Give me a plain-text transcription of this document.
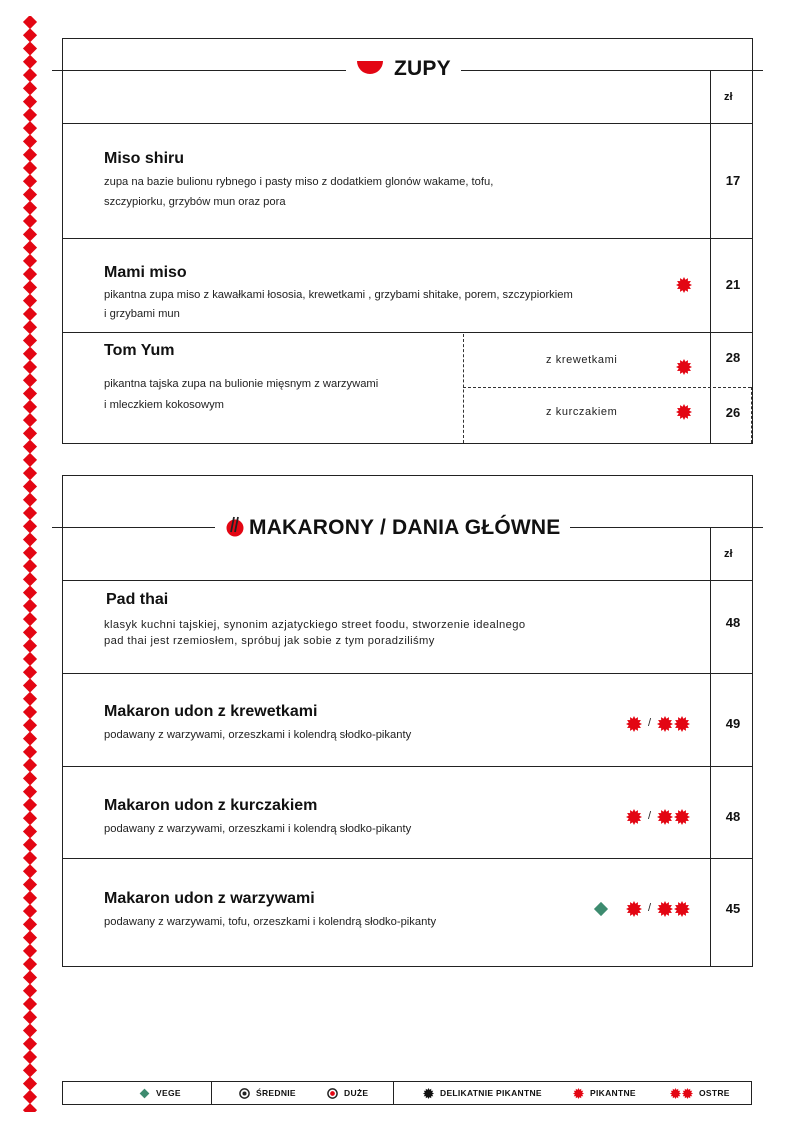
ZUPY
zł
Miso shiru
zupa na bazie bulionu rybnego i pasty miso z dodatkiem glonów wakame, tofu,
szczypiorku, grzybów mun oraz pora
17
Mami miso
pikantna zupa miso z kawałkami łososia, krewetkami , grzybami shitake, porem, szczypiorkiem
i grzybami mun
21
Tom Yum
pikantna tajska zupa na bulionie mięsnym z warzywami
i mleczkiem kokosowym
z krewetkami	28
z kurczakiem	26
MAKARONY / DANIA GŁÓWNE
zł
Pad thai
klasyk kuchni tajskiej, synonim azjatyckiego street foodu, stworzenie idealnego
pad thai jest rzemiosłem, spróbuj jak sobie z tym poradziliśmy
48
Makaron udon z krewetkami
podawany z warzywami, orzeszkami i kolendrą słodko-pikanty
/	49
Makaron udon z kurczakiem
podawany z warzywami, orzeszkami i kolendrą słodko-pikanty
/	48
Makaron udon z warzywami
podawany z warzywami, tofu, orzeszkami i kolendrą słodko-pikanty
/	45
VEGE	ŚREDNIE	DUŻE	DELIKATNIE PIKANTNE	PIKANTNE	OSTRE
